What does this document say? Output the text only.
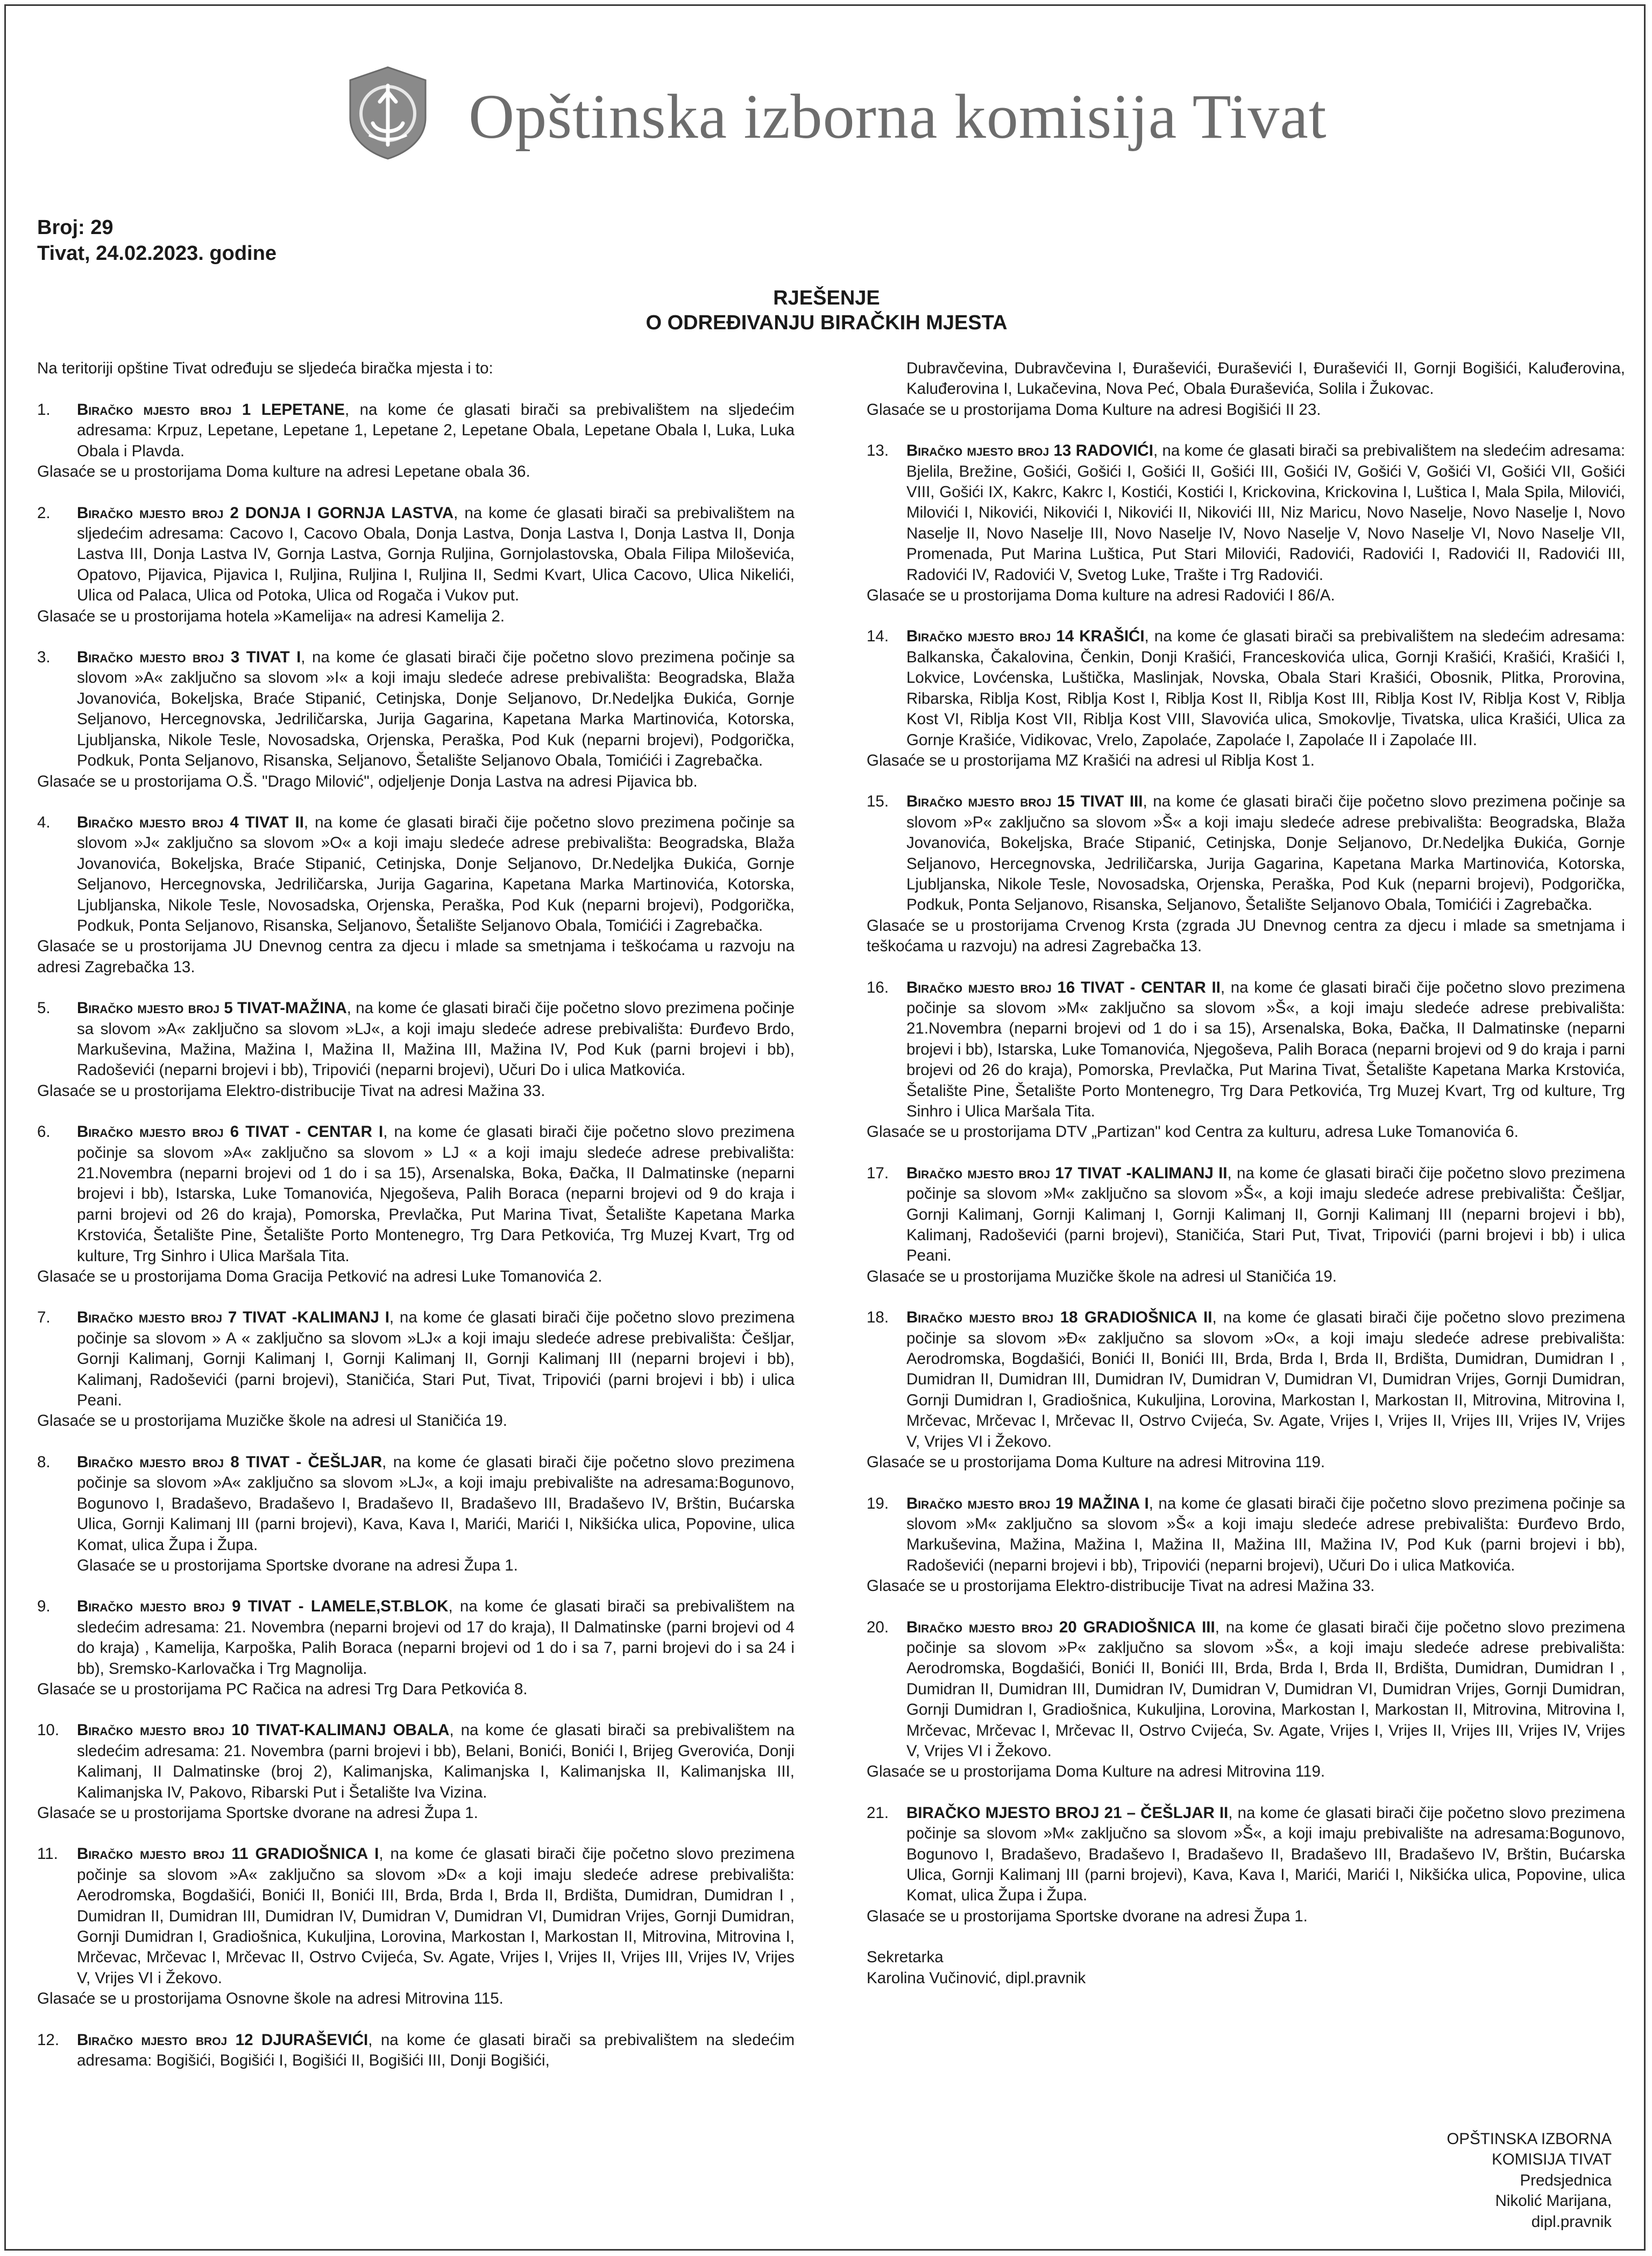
Opštinska izborna komisija Tivat
Broj: 29
Tivat, 24.02.2023. godine
RJEŠENJE
O ODREĐIVANJU BIRAČKIH MJESTA
Na teritoriji opštine Tivat određuju se sljedeća biračka mjesta i to:
1.	Biračko mjesto broj 1 LEPETANE, na kome će glasati birači sa prebivalištem na sljedećim adresama: Krpuz, Lepetane, Lepetane 1, Lepetane 2, Lepetane Obala, Lepetane Obala I, Luka, Luka Obala i Plavda.
Glasaće se u prostorijama Doma kulture na adresi Lepetane obala 36.
2.	Biračko mjesto broj 2 DONJA I GORNJA LASTVA, na kome će glasati birači sa prebivalištem na sljedećim adresama: Cacovo I, Cacovo Obala, Donja Lastva, Donja Lastva I, Donja Lastva II, Donja Lastva III, Donja Lastva IV, Gornja Lastva, Gornja Ruljina, Gornjolastovska, Obala Filipa Miloševića, Opatovo, Pijavica, Pijavica I, Ruljina, Ruljina I, Ruljina II, Sedmi Kvart, Ulica Cacovo, Ulica Nikelići, Ulica od Palaca, Ulica od Potoka, Ulica od Rogača i Vukov put.
Glasaće se u prostorijama hotela »Kamelija« na adresi Kamelija 2.
3.	Biračko mjesto broj 3 TIVAT I, na kome će glasati birači čije početno slovo prezimena počinje sa slovom »A« zaključno sa slovom »I« a koji imaju sledeće adrese prebivališta: Beogradska, Blaža Jovanovića, Bokeljska, Braće Stipanić, Cetinjska, Donje Seljanovo, Dr.Nedeljka Đukića, Gornje Seljanovo, Hercegnovska, Jedriličarska, Jurija Gagarina, Kapetana Marka Martinovića, Kotorska, Ljubljanska, Nikole Tesle, Novosadska, Orjenska, Peraška, Pod Kuk (neparni brojevi), Podgorička, Podkuk, Ponta Seljanovo, Risanska, Seljanovo, Šetalište Seljanovo Obala, Tomićići i Zagrebačka.
Glasaće se u prostorijama O.Š. "Drago Milović", odjeljenje Donja Lastva na adresi Pijavica bb.
4.	Biračko mjesto broj 4 TIVAT II, na kome će glasati birači čije početno slovo prezimena počinje sa slovom »J« zaključno sa slovom »O« a koji imaju sledeće adrese prebivališta: Beogradska, Blaža Jovanovića, Bokeljska, Braće Stipanić, Cetinjska, Donje Seljanovo, Dr.Nedeljka Đukića, Gornje Seljanovo, Hercegnovska, Jedriličarska, Jurija Gagarina, Kapetana Marka Martinovića, Kotorska, Ljubljanska, Nikole Tesle, Novosadska, Orjenska, Peraška, Pod Kuk (neparni brojevi), Podgorička, Podkuk, Ponta Seljanovo, Risanska, Seljanovo, Šetalište Seljanovo Obala, Tomićići i Zagrebačka.
Glasaće se u prostorijama JU Dnevnog centra za djecu i mlade sa smetnjama i teškoćama u razvoju na adresi Zagrebačka 13.
5.	Biračko mjesto broj 5 TIVAT-MAŽINA, na kome će glasati birači čije početno slovo prezimena počinje sa slovom »A« zaključno sa slovom »LJ«, a koji imaju sledeće adrese prebivališta: Đurđevo Brdo, Markuševina, Mažina, Mažina I, Mažina II, Mažina III, Mažina IV, Pod Kuk (parni brojevi i bb), Radoševići (neparni brojevi i bb), Tripovići (neparni brojevi), Učuri Do i ulica Matkovića.
Glasaće se u prostorijama Elektro-distribucije Tivat na adresi Mažina 33.
6.	Biračko mjesto broj 6 TIVAT - CENTAR I, na kome će glasati birači čije početno slovo prezimena počinje sa slovom »A« zaključno sa slovom » LJ « a koji imaju sledeće adrese prebivališta: 21.Novembra (neparni brojevi od 1 do i sa 15), Arsenalska, Boka, Đačka, II Dalmatinske (neparni brojevi i bb), Istarska, Luke Tomanovića, Njegoševa, Palih Boraca (neparni brojevi od 9 do kraja i parni brojevi od 26 do kraja), Pomorska, Prevlačka, Put Marina Tivat, Šetalište Kapetana Marka Krstovića, Šetalište Pine, Šetalište Porto Montenegro, Trg Dara Petkovića, Trg Muzej Kvart, Trg od kulture, Trg Sinhro i Ulica Maršala Tita.
Glasaće se u prostorijama Doma Gracija Petković na adresi Luke Tomanovića 2.
7.	Biračko mjesto broj 7 TIVAT -KALIMANJ I, na kome će glasati birači čije početno slovo prezimena počinje sa slovom » A « zaključno sa slovom »LJ« a koji imaju sledeće adrese prebivališta: Češljar, Gornji Kalimanj, Gornji Kalimanj I, Gornji Kalimanj II, Gornji Kalimanj III (neparni brojevi i bb), Kalimanj, Radoševići (parni brojevi), Staničića, Stari Put, Tivat, Tripovići (parni brojevi i bb) i ulica Peani.
Glasaće se u prostorijama Muzičke škole na adresi ul Staničića 19.
8.	Biračko mjesto broj 8 TIVAT - ČEŠLJAR, na kome će glasati birači čije početno slovo prezimena počinje sa slovom »A« zaključno sa slovom »LJ«, a koji imaju prebivalište na adresama:Bogunovo, Bogunovo I, Bradaševo, Bradaševo I, Bradaševo II, Bradaševo III, Bradaševo IV, Brštin, Bućarska Ulica, Gornji Kalimanj III (parni brojevi), Kava, Kava I, Marići, Marići I, Nikšićka ulica, Popovine, ulica Komat, ulica Župa i Župa.
Glasaće se u prostorijama Sportske dvorane na adresi Župa 1.
9.	Biračko mjesto broj 9 TIVAT - LAMELE,ST.BLOK, na kome će glasati birači sa prebivalištem na sledećim adresama: 21. Novembra (neparni brojevi od 17 do kraja), II Dalmatinske (parni brojevi od 4 do kraja) , Kamelija, Karpoška, Palih Boraca (neparni brojevi od 1 do i sa 7, parni brojevi do i sa 24 i bb), Sremsko-Karlovačka i Trg Magnolija.
Glasaće se u prostorijama PC Račica na adresi Trg Dara Petkovića 8.
10.	Biračko mjesto broj 10 TIVAT-KALIMANJ OBALA, na kome će glasati birači sa prebivalištem na sledećim adresama: 21. Novembra (parni brojevi i bb), Belani, Bonići, Bonići I, Brijeg Gverovića, Donji Kalimanj, II Dalmatinske (broj 2), Kalimanjska, Kalimanjska I, Kalimanjska II, Kalimanjska III, Kalimanjska IV, Pakovo, Ribarski Put i Šetalište Iva Vizina.
Glasaće se u prostorijama Sportske dvorane na adresi Župa 1.
11.	Biračko mjesto broj 11 GRADIOŠNICA I, na kome će glasati birači čije početno slovo prezimena počinje sa slovom »A« zaključno sa slovom »D« a koji imaju sledeće adrese prebivališta: Aerodromska, Bogdašići, Bonići II, Bonići III, Brda, Brda I, Brda II, Brdišta, Dumidran, Dumidran I , Dumidran II, Dumidran III, Dumidran IV, Dumidran V, Dumidran VI, Dumidran Vrijes, Gornji Dumidran, Gornji Dumidran I, Gradiošnica, Kukuljina, Lorovina, Markostan I, Markostan II, Mitrovina, Mitrovina I, Mrčevac, Mrčevac I, Mrčevac II, Ostrvo Cvijeća, Sv. Agate, Vrijes I, Vrijes II, Vrijes III, Vrijes IV, Vrijes V, Vrijes VI i Žekovo.
Glasaće se u prostorijama Osnovne škole na adresi Mitrovina 115.
12.	Biračko mjesto broj 12 DJURAŠEVIĆI, na kome će glasati birači sa prebivalištem na sledećim adresama: Bogišići, Bogišići I, Bogišići II, Bogišići III, Donji Bogišići,
Dubravčevina, Dubravčevina I, Đuraševići, Đuraševići I, Đuraševići II, Gornji Bogišići, Kaluđerovina, Kaluđerovina I, Lukačevina, Nova Peć, Obala Đuraševića, Solila i Žukovac.
Glasaće se u prostorijama Doma Kulture na adresi Bogišići II 23.
13.	Biračko mjesto broj 13 RADOVIĆI, na kome će glasati birači sa prebivalištem na sledećim adresama: Bjelila, Brežine, Gošići, Gošići I, Gošići II, Gošići III, Gošići IV, Gošići V, Gošići VI, Gošići VII, Gošići VIII, Gošići IX, Kakrc, Kakrc I, Kostići, Kostići I, Krickovina, Krickovina I, Luštica I, Mala Spila, Milovići, Milovići I, Nikovići, Nikovići I, Nikovići II, Nikovići III, Niz Maricu, Novo Naselje, Novo Naselje I, Novo Naselje II, Novo Naselje III, Novo Naselje IV, Novo Naselje V, Novo Naselje VI, Novo Naselje VII, Promenada, Put Marina Luštica, Put Stari Milovići, Radovići, Radovići I, Radovići II, Radovići III, Radovići IV, Radovići V, Svetog Luke, Trašte i Trg Radovići.
Glasaće se u prostorijama Doma kulture na adresi Radovići I 86/A.
14.	Biračko mjesto broj 14 KRAŠIĆI, na kome će glasati birači sa prebivalištem na sledećim adresama: Balkanska, Čakalovina, Čenkin, Donji Krašići, Franceskovića ulica, Gornji Krašići, Krašići, Krašići I, Lokvice, Lovćenska, Luštička, Maslinjak, Novska, Obala Stari Krašići, Obosnik, Plitka, Prorovina, Ribarska, Riblja Kost, Riblja Kost I, Riblja Kost II, Riblja Kost III, Riblja Kost IV, Riblja Kost V, Riblja Kost VI, Riblja Kost VII, Riblja Kost VIII, Slavovića ulica, Smokovlje, Tivatska, ulica Krašići, Ulica za Gornje Krašiće, Vidikovac, Vrelo, Zapolaće, Zapolaće I, Zapolaće II i Zapolaće III.
Glasaće se u prostorijama MZ Krašići na adresi ul Riblja Kost 1.
15.	Biračko mjesto broj 15 TIVAT III, na kome će glasati birači čije početno slovo prezimena počinje sa slovom »P« zaključno sa slovom »Š« a koji imaju sledeće adrese prebivališta: Beogradska, Blaža Jovanovića, Bokeljska, Braće Stipanić, Cetinjska, Donje Seljanovo, Dr.Nedeljka Đukića, Gornje Seljanovo, Hercegnovska, Jedriličarska, Jurija Gagarina, Kapetana Marka Martinovića, Kotorska, Ljubljanska, Nikole Tesle, Novosadska, Orjenska, Peraška, Pod Kuk (neparni brojevi), Podgorička, Podkuk, Ponta Seljanovo, Risanska, Seljanovo, Šetalište Seljanovo Obala, Tomićići i Zagrebačka.
Glasaće se u prostorijama Crvenog Krsta (zgrada JU Dnevnog centra za djecu i mlade sa smetnjama i teškoćama u razvoju) na adresi Zagrebačka 13.
16.	Biračko mjesto broj 16 TIVAT - CENTAR II, na kome će glasati birači čije početno slovo prezimena počinje sa slovom »M« zaključno sa slovom »Š«, a koji imaju sledeće adrese prebivališta: 21.Novembra (neparni brojevi od 1 do i sa 15), Arsenalska, Boka, Đačka, II Dalmatinske (neparni brojevi i bb), Istarska, Luke Tomanovića, Njegoševa, Palih Boraca (neparni brojevi od 9 do kraja i parni brojevi od 26 do kraja), Pomorska, Prevlačka, Put Marina Tivat, Šetalište Kapetana Marka Krstovića, Šetalište Pine, Šetalište Porto Montenegro, Trg Dara Petkovića, Trg Muzej Kvart, Trg od kulture, Trg Sinhro i Ulica Maršala Tita.
Glasaće se u prostorijama DTV „Partizan" kod Centra za kulturu, adresa Luke Tomanovića 6.
17.	Biračko mjesto broj 17 TIVAT -KALIMANJ II, na kome će glasati birači čije početno slovo prezimena počinje sa slovom »M« zaključno sa slovom »Š«, a koji imaju sledeće adrese prebivališta: Češljar, Gornji Kalimanj, Gornji Kalimanj I, Gornji Kalimanj II, Gornji Kalimanj III (neparni brojevi i bb), Kalimanj, Radoševići (parni brojevi), Staničića, Stari Put, Tivat, Tripovići (parni brojevi i bb) i ulica Peani.
Glasaće se u prostorijama Muzičke škole na adresi ul Staničića 19.
18.	Biračko mjesto broj 18 GRADIOŠNICA II, na kome će glasati birači čije početno slovo prezimena počinje sa slovom »Đ« zaključno sa slovom »O«, a koji imaju sledeće adrese prebivališta: Aerodromska, Bogdašići, Bonići II, Bonići III, Brda, Brda I, Brda II, Brdišta, Dumidran, Dumidran I , Dumidran II, Dumidran III, Dumidran IV, Dumidran V, Dumidran VI, Dumidran Vrijes, Gornji Dumidran, Gornji Dumidran I, Gradiošnica, Kukuljina, Lorovina, Markostan I, Markostan II, Mitrovina, Mitrovina I, Mrčevac, Mrčevac I, Mrčevac II, Ostrvo Cvijeća, Sv. Agate, Vrijes I, Vrijes II, Vrijes III, Vrijes IV, Vrijes V, Vrijes VI i Žekovo.
Glasaće se u prostorijama Doma Kulture na adresi Mitrovina 119.
19.	Biračko mjesto broj 19 MAŽINA I, na kome će glasati birači čije početno slovo prezimena počinje sa slovom »M« zaključno sa slovom »Š« a koji imaju sledeće adrese prebivališta: Đurđevo Brdo, Markuševina, Mažina, Mažina I, Mažina II, Mažina III, Mažina IV, Pod Kuk (parni brojevi i bb), Radoševići (neparni brojevi i bb), Tripovići (neparni brojevi), Učuri Do i ulica Matkovića.
Glasaće se u prostorijama Elektro-distribucije Tivat na adresi Mažina 33.
20.	Biračko mjesto broj 20 GRADIOŠNICA III, na kome će glasati birači čije početno slovo prezimena počinje sa slovom »P« zaključno sa slovom »Š«, a koji imaju sledeće adrese prebivališta: Aerodromska, Bogdašići, Bonići II, Bonići III, Brda, Brda I, Brda II, Brdišta, Dumidran, Dumidran I , Dumidran II, Dumidran III, Dumidran IV, Dumidran V, Dumidran VI, Dumidran Vrijes, Gornji Dumidran, Gornji Dumidran I, Gradiošnica, Kukuljina, Lorovina, Markostan I, Markostan II, Mitrovina, Mitrovina I, Mrčevac, Mrčevac I, Mrčevac II, Ostrvo Cvijeća, Sv. Agate, Vrijes I, Vrijes II, Vrijes III, Vrijes IV, Vrijes V, Vrijes VI i Žekovo.
Glasaće se u prostorijama Doma Kulture na adresi Mitrovina 119.
21.	BIRAČKO MJESTO BROJ 21 – ČEŠLJAR II, na kome će glasati birači čije početno slovo prezimena počinje sa slovom »M« zaključno sa slovom »Š«, a koji imaju prebivalište na adresama:Bogunovo, Bogunovo I, Bradaševo, Bradaševo I, Bradaševo II, Bradaševo III, Bradaševo IV, Brštin, Bućarska Ulica, Gornji Kalimanj III (parni brojevi), Kava, Kava I, Marići, Marići I, Nikšićka ulica, Popovine, ulica Komat, ulica Župa i Župa.
Glasaće se u prostorijama Sportske dvorane na adresi Župa 1.
Sekretarka
Karolina Vučinović, dipl.pravnik
OPŠTINSKA IZBORNA
KOMISIJA TIVAT
Predsjednica
Nikolić Marijana,
dipl.pravnik
